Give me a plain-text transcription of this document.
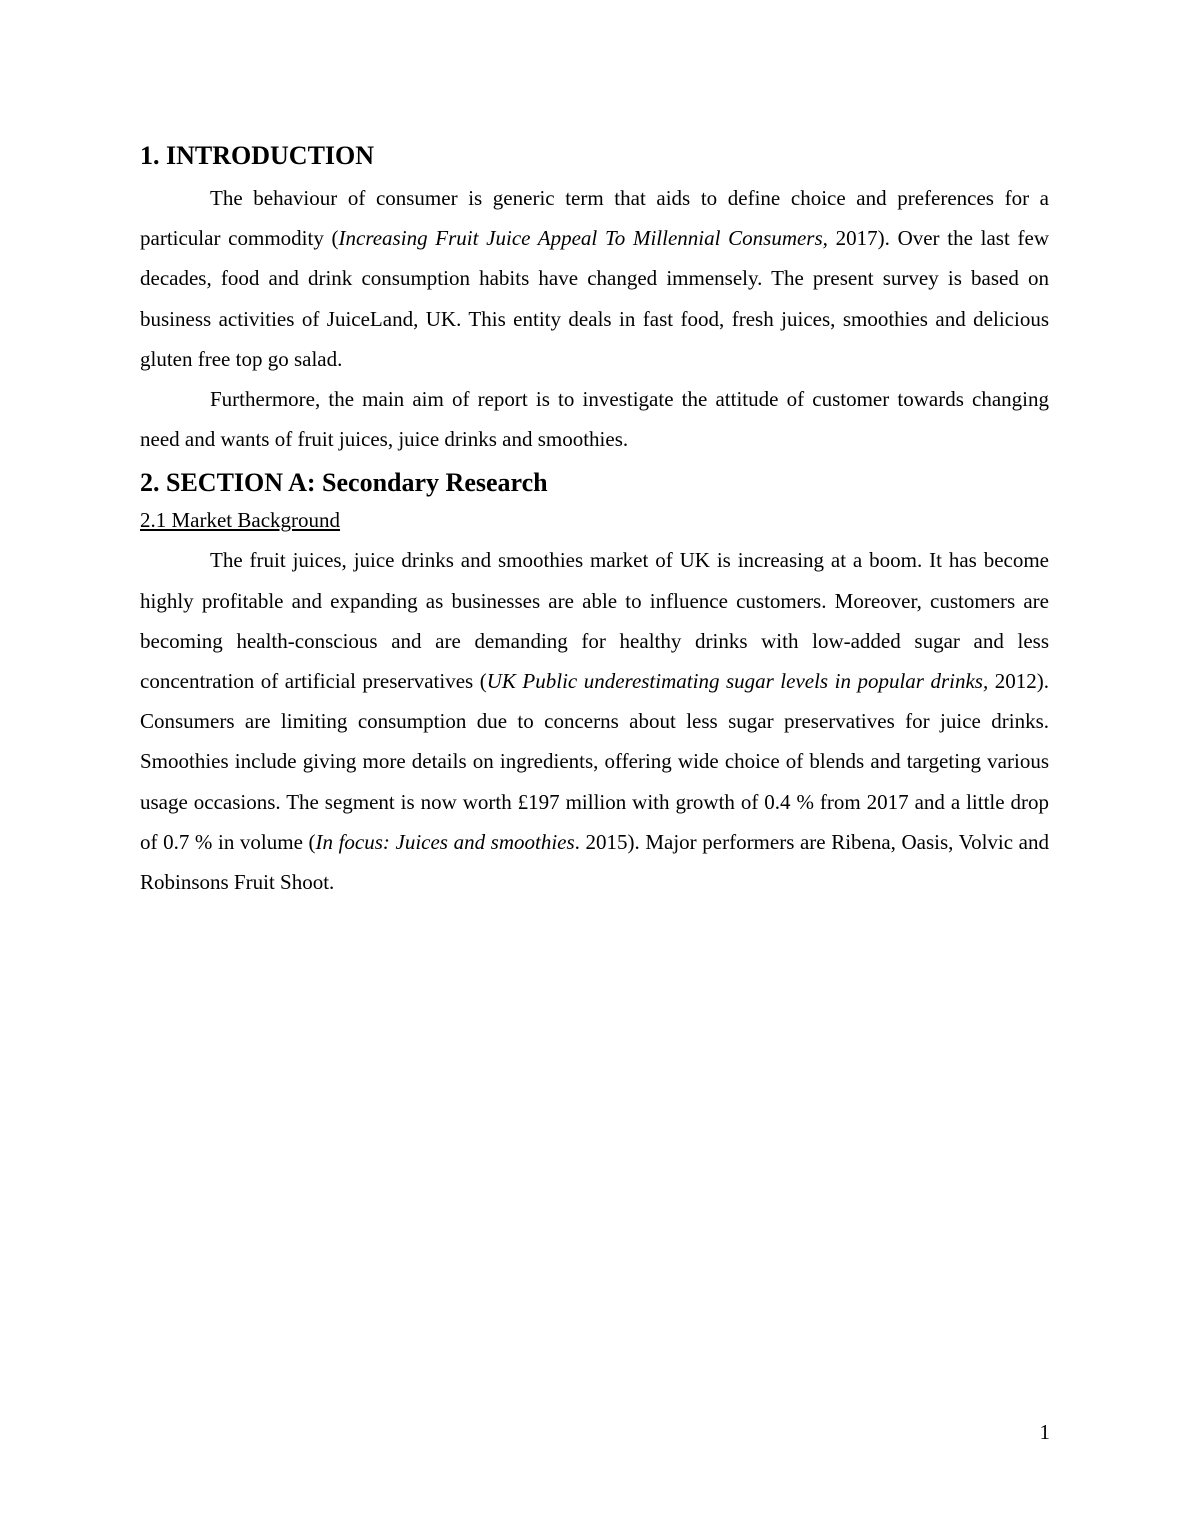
1. INTRODUCTION

The behaviour of consumer is generic term that aids to define choice and preferences for a particular commodity (Increasing Fruit Juice Appeal To Millennial Consumers, 2017). Over the last few decades, food and drink consumption habits have changed immensely. The present survey is based on business activities of JuiceLand, UK. This entity deals in fast food, fresh juices, smoothies and delicious gluten free top go salad.

Furthermore, the main aim of report is to investigate the attitude of customer towards changing need and wants of fruit juices, juice drinks and smoothies.

2. SECTION A: Secondary Research
2.1 Market Background

The fruit juices, juice drinks and smoothies market of UK is increasing at a boom. It has become highly profitable and expanding as businesses are able to influence customers. Moreover, customers are becoming health-conscious and are demanding for healthy drinks with low-added sugar and less concentration of artificial preservatives (UK Public underestimating sugar levels in popular drinks, 2012). Consumers are limiting consumption due to concerns about less sugar preservatives for juice drinks. Smoothies include giving more details on ingredients, offering wide choice of blends and targeting various usage occasions. The segment is now worth £197 million with growth of 0.4 % from 2017 and a little drop of 0.7 % in volume (In focus: Juices and smoothies. 2015). Major performers are Ribena, Oasis, Volvic and Robinsons Fruit Shoot.

1
